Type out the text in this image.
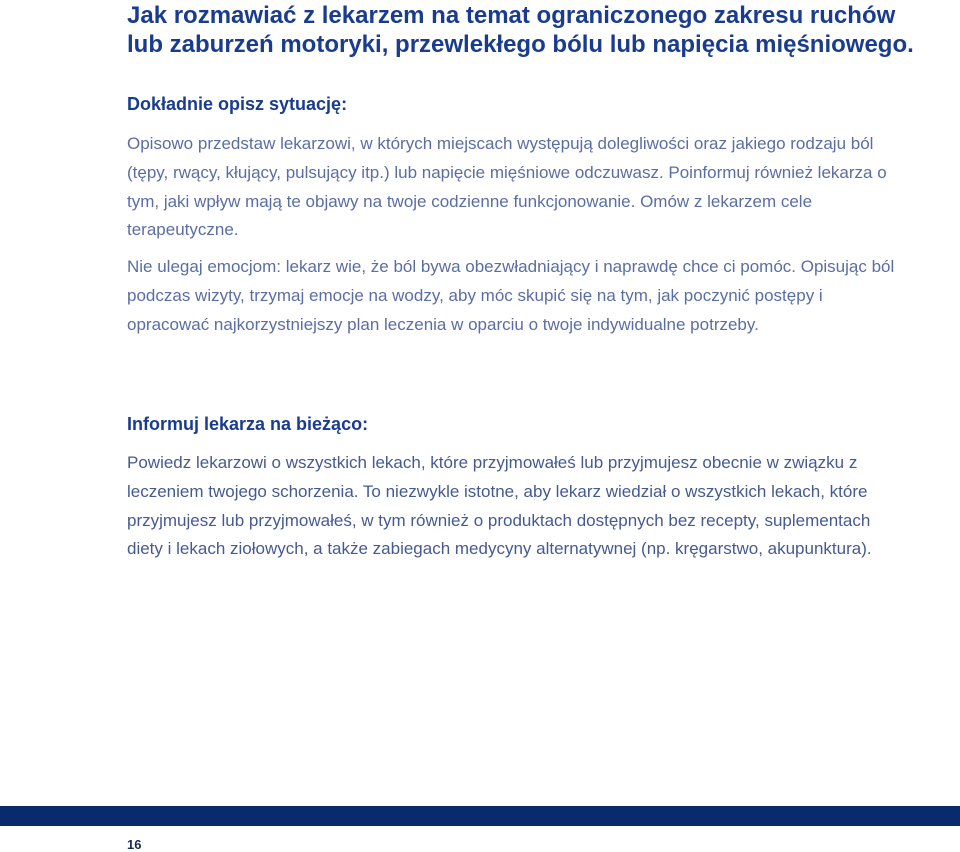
Jak rozmawiać z lekarzem na temat ograniczonego zakresu ruchów lub zaburzeń motoryki, przewlekłego bólu lub napięcia mięśniowego.
Dokładnie opisz sytuację:

Opisowo przedstaw lekarzowi, w których miejscach występują dolegliwości oraz jakiego rodzaju ból (tępy, rwący, kłujący, pulsujący itp.) lub napięcie mięśniowe odczuwasz. Poinformuj również lekarza o tym, jaki wpływ mają te objawy na twoje codzienne funkcjonowanie. Omów z lekarzem cele terapeutyczne.

Nie ulegaj emocjom: lekarz wie, że ból bywa obezwładniający i naprawdę chce ci pomóc. Opisując ból podczas wizyty, trzymaj emocje na wodzy, aby móc skupić się na tym, jak poczynić postępy i opracować najkorzystniejszy plan leczenia w oparciu o twoje indywidualne potrzeby.

Informuj lekarza na bieżąco:

Powiedz lekarzowi o wszystkich lekach, które przyjmowałeś lub przyjmujesz obecnie w związku z leczeniem twojego schorzenia. To niezwykle istotne, aby lekarz wiedział o wszystkich lekach, które przyjmujesz lub przyjmowałeś, w tym również o produktach dostępnych bez recepty, suplementach diety i lekach ziołowych, a także zabiegach medycyny alternatywnej (np. kręgarstwo, akupunktura).

16
